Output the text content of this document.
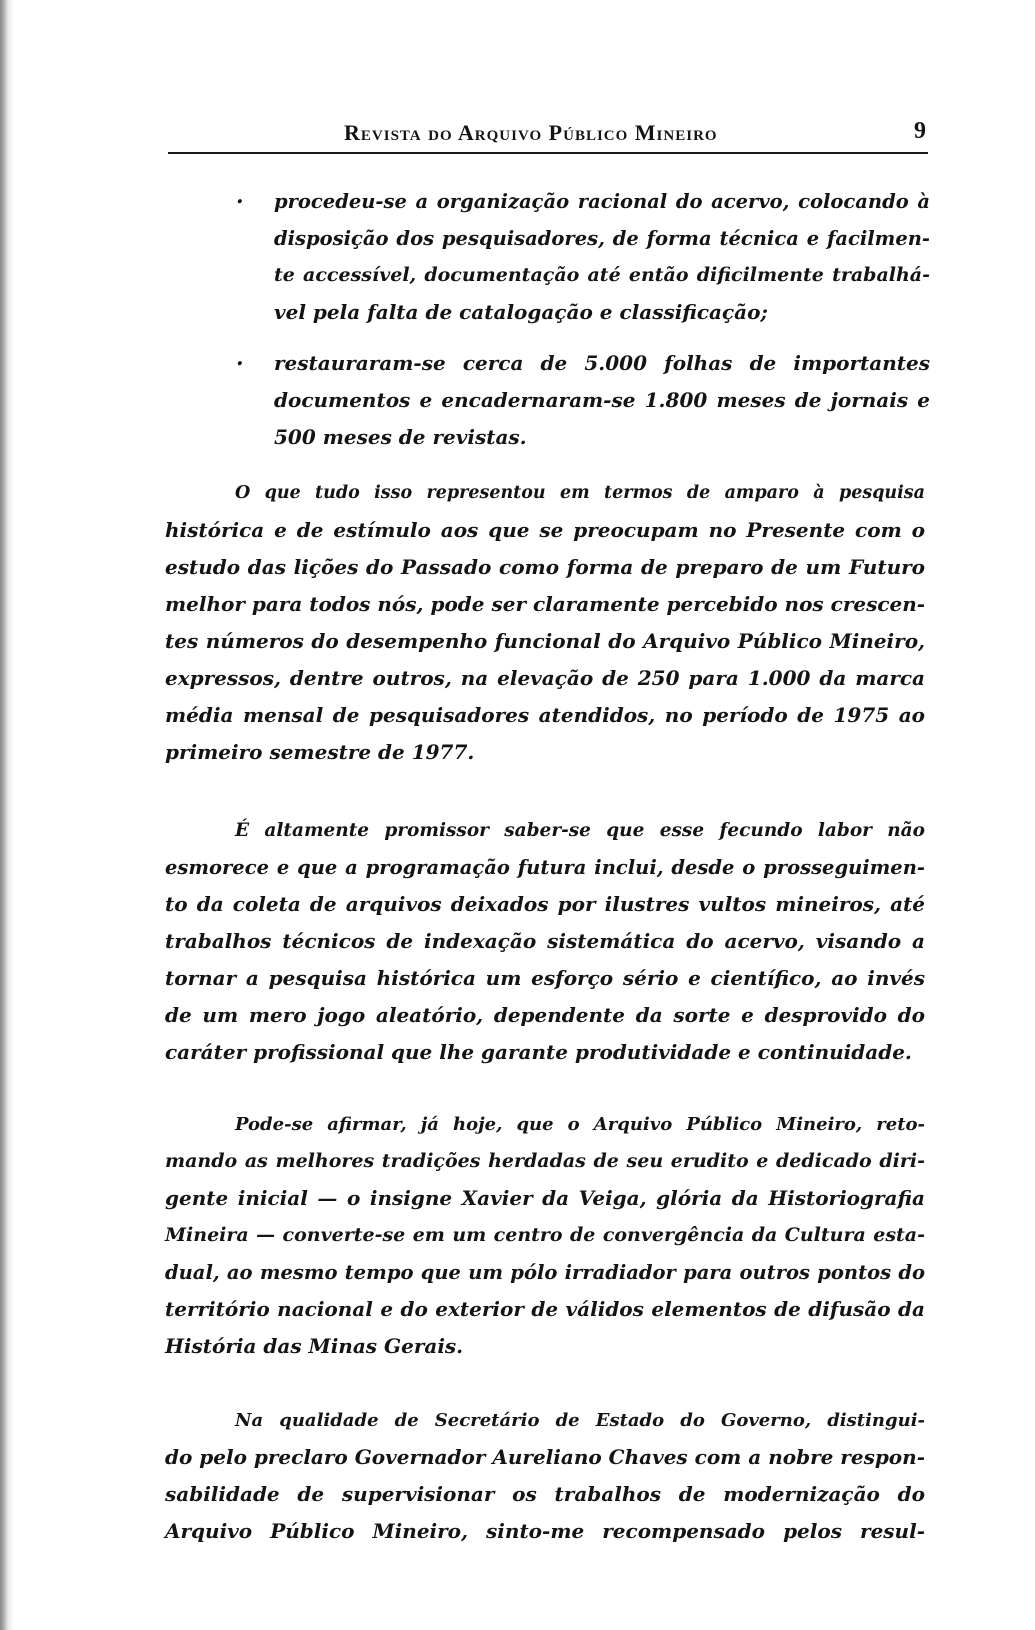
Revista do Arquivo Público Mineiro	9
. procedeu-se a organização racional do acervo, colocando à
disposição dos pesquisadores, de forma técnica e facilmen-
te accessível, documentação até então dificilmente trabalhá-
vel pela falta de catalogação e classificação;
. restauraram-se cerca de 5.000 folhas de importantes
documentos e encadernaram-se 1.800 meses de jornais e
500 meses de revistas.
O que tudo isso representou em termos de amparo à pesquisa
histórica e de estímulo aos que se preocupam no Presente com o
estudo das lições do Passado como forma de preparo de um Futuro
melhor para todos nós, pode ser claramente percebido nos crescen-
tes números do desempenho funcional do Arquivo Público Mineiro,
expressos, dentre outros, na elevação de 250 para 1.000 da marca
média mensal de pesquisadores atendidos, no período de 1975 ao
primeiro semestre de 1977.
É altamente promissor saber-se que esse fecundo labor não
esmorece e que a programação futura inclui, desde o prosseguimen-
to da coleta de arquivos deixados por ilustres vultos mineiros, até
trabalhos técnicos de indexação sistemática do acervo, visando a
tornar a pesquisa histórica um esforço sério e científico, ao invés
de um mero jogo aleatório, dependente da sorte e desprovido do
caráter profissional que lhe garante produtividade e continuidade.
Pode-se afirmar, já hoje, que o Arquivo Público Mineiro, reto-
mando as melhores tradições herdadas de seu erudito e dedicado diri-
gente inicial — o insigne Xavier da Veiga, glória da Historiografia
Mineira — converte-se em um centro de convergência da Cultura esta-
dual, ao mesmo tempo que um pólo irradiador para outros pontos do
território nacional e do exterior de válidos elementos de difusão da
História das Minas Gerais.
Na qualidade de Secretário de Estado do Governo, distingui-
do pelo preclaro Governador Aureliano Chaves com a nobre respon-
sabilidade de supervisionar os trabalhos de modernização do
Arquivo Público Mineiro, sinto-me recompensado pelos resul-
